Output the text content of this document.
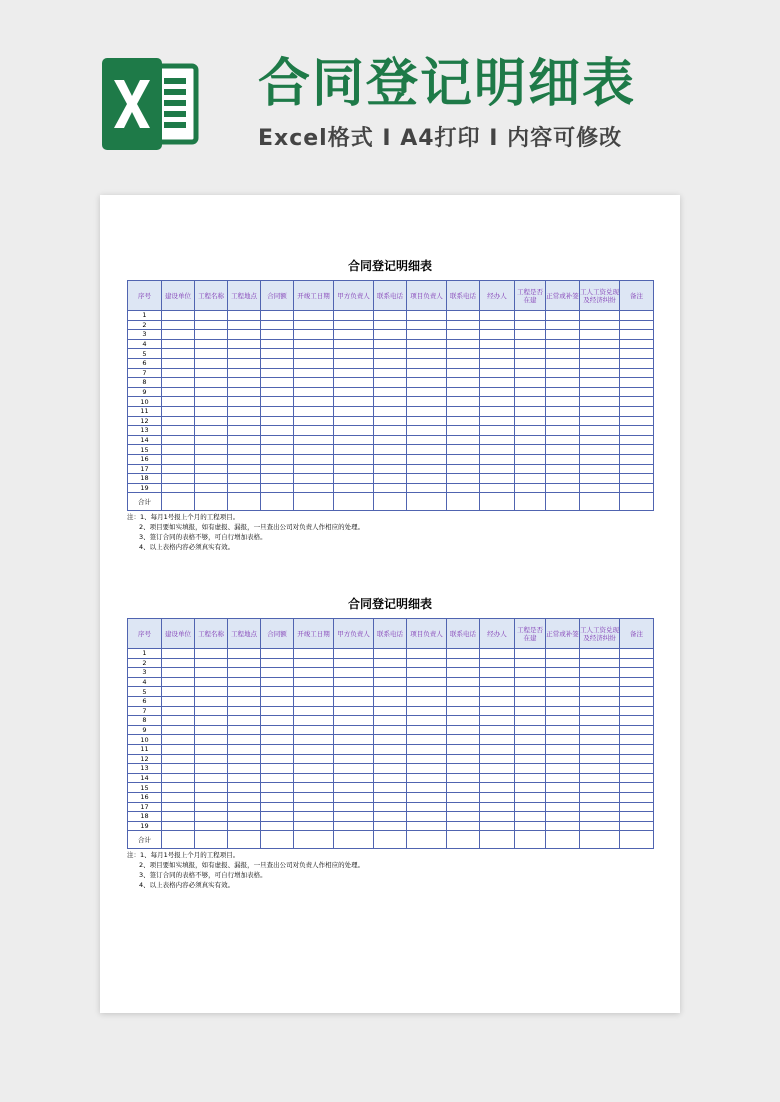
合同登记明细表

Excel格式 I A4打印 I 内容可修改

合同登记明细表
序号	建设单位	工程名称	工程地点	合同额	开竣工日期	甲方负责人	联系电话	项目负责人	联系电话	经办人	工程是否在建	正常或补签	工人工资兑现及经济纠纷	备注
1														
2														
3														
4														
5														
6														
7														
8														
9														
10														
11														
12														
13														
14														
15														
16														
17														
18														
19														
合计														
注：1、每月1号报上个月的工程项目。
2、项目要如实填报，如有虚报、漏报，一旦查出公司对负责人作相应的处理。
3、签订合同的表格不够，可自行增加表格。
4、以上表格内容必须真实有效。
合同登记明细表
序号	建设单位	工程名称	工程地点	合同额	开竣工日期	甲方负责人	联系电话	项目负责人	联系电话	经办人	工程是否在建	正常或补签	工人工资兑现及经济纠纷	备注
1														
2														
3														
4														
5														
6														
7														
8														
9														
10														
11														
12														
13														
14														
15														
16														
17														
18														
19														
合计														
注：1、每月1号报上个月的工程项目。
2、项目要如实填报，如有虚报、漏报，一旦查出公司对负责人作相应的处理。
3、签订合同的表格不够，可自行增加表格。
4、以上表格内容必须真实有效。
